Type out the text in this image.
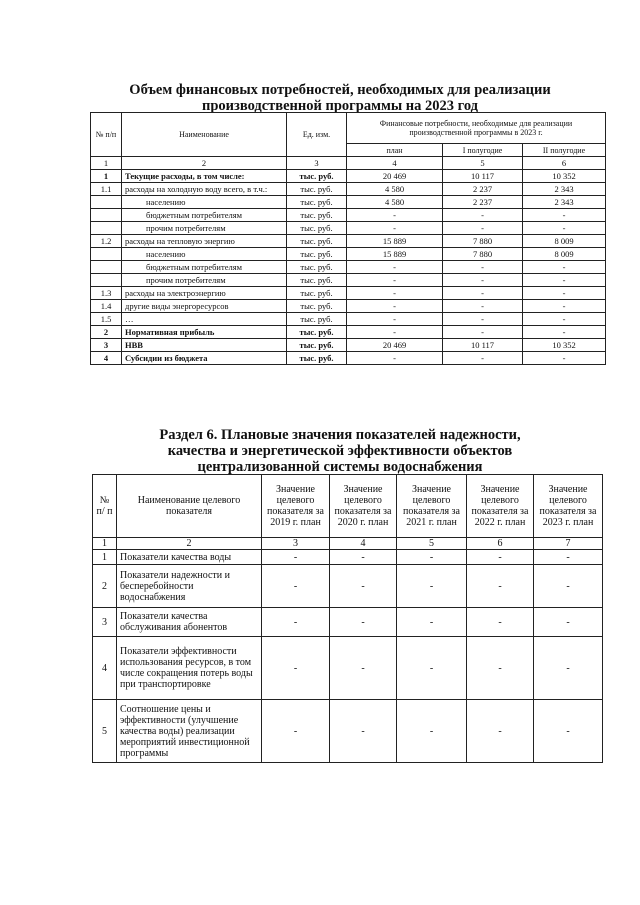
Объем финансовых потребностей, необходимых для реализации
производственной программы на 2023 год
№ п/п	Наименование	Ед. изм.	Финансовые потребности, необходимые для реализации производственной программы в 2023 г.		
			план	I полугодие	II полугодие
1	2	3	4	5	6
1	Текущие расходы, в том числе:	тыс. руб.	20 469	10 117	10 352
1.1	расходы на холодную воду всего, в т.ч.:	тыс. руб.	4 580	2 237	2 343
	населению	тыс. руб.	4 580	2 237	2 343
	бюджетным потребителям	тыс. руб.	-	-	-
	прочим потребителям	тыс. руб.	-	-	-
1.2	расходы на тепловую энергию	тыс. руб.	15 889	7 880	8 009
	населению	тыс. руб.	15 889	7 880	8 009
	бюджетным потребителям	тыс. руб.	-	-	-
	прочим потребителям	тыс. руб.	-	-	-
1.3	расходы на электроэнергию	тыс. руб.	-	-	-
1.4	другие виды энергоресурсов	тыс. руб.	-	-	-
1.5	…	тыс. руб.	-	-	-
2	Нормативная прибыль	тыс. руб.	-	-	-
3	НВВ	тыс. руб.	20 469	10 117	10 352
4	Субсидии из бюджета	тыс. руб.	-	-	-
Раздел 6. Плановые значения показателей надежности,
качества и энергетической эффективности объектов
централизованной системы водоснабжения
№ п/ п	Наименование целевого показателя	Значение целевого показателя за 2019 г. план	Значение целевого показателя за 2020 г. план	Значение целевого показателя за 2021 г. план	Значение целевого показателя за 2022 г. план	Значение целевого показателя за 2023 г. план
1	2	3	4	5	6	7
1	Показатели качества воды	-	-	-	-	-
2	Показатели надежности и бесперебойности водоснабжения	-	-	-	-	-
3	Показатели качества обслуживания абонентов	-	-	-	-	-
4	Показатели эффективности использования ресурсов, в том числе сокращения потерь воды при транспортировке	-	-	-	-	-
5	Соотношение цены и эффективности (улучшение качества воды) реализации мероприятий инвестиционной программы	-	-	-	-	-
